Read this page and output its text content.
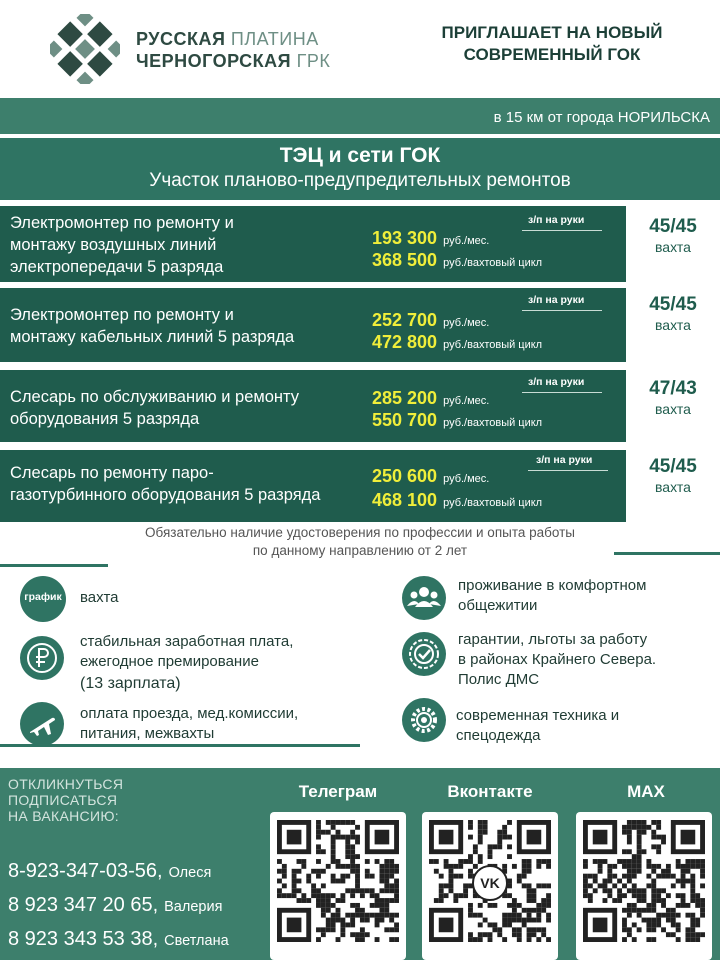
РУССКАЯ ПЛАТИНА
ЧЕРНОГОРСКАЯ ГРК
ПРИГЛАШАЕТ НА НОВЫЙ
СОВРЕМЕННЫЙ ГОК
в 15 км от города НОРИЛЬСКА
ТЭЦ и сети ГОК
Участок планово-предупредительных ремонтов
Электромонтер по ремонту и
монтажу воздушных линий
электропередачи 5 разряда
з/п на руки
193 300 руб./мес.
368 500 руб./вахтовый цикл
45/45
вахта
Электромонтер по ремонту и
монтажу кабельных линий 5 разряда
з/п на руки
252 700 руб./мес.
472 800 руб./вахтовый цикл
45/45
вахта
Слесарь по обслуживанию и ремонту
оборудования 5 разряда
з/п на руки
285 200 руб./мес.
550 700 руб./вахтовый цикл
47/43
вахта
Слесарь по ремонту паро-
газотурбинного оборудования 5 разряда
з/п на руки
250 600 руб./мес.
468 100 руб./вахтовый цикл
45/45
вахта
Обязательно наличие удостоверения по профессии и опыта работы
по данному направлению от 2 лет
график вахта
проживание в комфортном
общежитии
стабильная заработная плата,
ежегодное премирование
(13 зарплата)
гарантии, льготы за работу
в районах Крайнего Севера.
Полис ДМС
оплата проезда, мед.комиссии,
питания, межвахты
современная техника и
спецодежда
ОТКЛИКНУТЬСЯ
ПОДПИСАТЬСЯ
НА ВАКАНСИЮ:
8-923-347-03-56, Олеся
8 923 347 20 65, Валерия
8 923 343 53 38, Светлана
Телеграм	Вконтакте	MAX
VK
